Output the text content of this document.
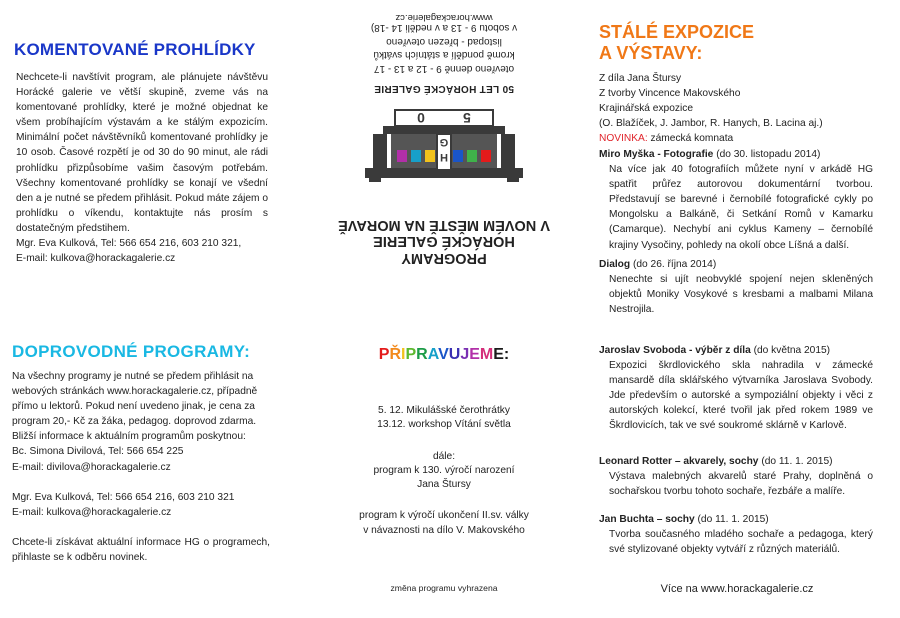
KOMENTOVANÉ PROHLÍDKY

Nechcete-li navštívit program, ale plánujete návštěvu Horácké galerie ve větší skupině, zveme vás na komentované prohlídky, které je možné objednat ke všem probíhajícím výstavám a ke stálým expozicím. Minimální počet návštěvníků komentované prohlídky je 10 osob. Časové rozpětí je od 30 do 90 minut, ale rádi prohlídku přizpůsobíme vašim časovým potřebám. Všechny komentované prohlídky se konají ve všední den a je nutné se předem přihlásit. Pokud máte zájem o prohlídku o víkendu, kontaktujte nás prosím s dostatečným předstihem.

Mgr. Eva Kulková, Tel: 566 654 216, 603 210 321,

E-mail: kulkova@horackagalerie.cz

DOPROVODNÉ PROGRAMY:

Na všechny programy je nutné se předem přihlásit na webových stránkách www.horackagalerie.cz, případně přímo u lektorů. Pokud není uvedeno jinak, je cena za program 20,- Kč za žáka, pedagog. doprovod zdarma.

Bližší informace k aktuálním programům poskytnou:

Bc. Simona Divilová, Tel: 566 654 225

E-mail: divilova@horackagalerie.cz

Mgr. Eva Kulková, Tel: 566 654 216, 603 210 321

E-mail: kulkova@horackagalerie.cz

Chcete-li získávat aktuální informace HG o programech, přihlaste se k odběru novinek.

PROGRAMY
HORÁCKÉ GALERIE
V NOVÉM MĚSTĚ NA MORAVĚ
H
G
5
0
50 LET HORÁCKÉ GALERIE
otevřeno denně 9 - 12 a 13 - 17
kromě pondělí a státních svátků
listopad - březen otevřeno
v sobotu 9 - 13 a v neděli 14 -18)
www.horackagalerie.cz
PŘIPRAVUJEME:

5. 12. Mikulášské čerothrátky

13.12. workshop Vítání světla

dále:

program k 130. výročí narození

Jana Štursy

program k výročí ukončení II.sv. války

v návaznosti na dílo V. Makovského

změna programu vyhrazena
STÁLÉ EXPOZICE
A VÝSTAVY:

Z díla Jana Štursy

Z tvorby Vincence Makovského

Krajinářská expozice

(O. Blažíček, J. Jambor, R. Hanych, B. Lacina aj.)

NOVINKA: zámecká komnata

Miro Myška - Fotografie (do 30. listopadu 2014)

Na více jak 40 fotografiích můžete nyní v arkádě HG spatřit průřez autorovou dokumentární tvorbou. Představují se barevné i černobílé fotografické cykly po Mongolsku a Balkáně, či Setkání Romů v Kamarku (Camarque). Nechybí ani cyklus Kameny – černobílé krajiny Vysočiny, pohledy na okolí obce Líšná a další.

Dialog (do 26. října 2014)

Nenechte si ujít neobvyklé spojení nejen skleněných objektů Moniky Vosykové s kresbami a malbami Milana Nestrojila.

Jaroslav Svoboda - výběr z díla (do května 2015)

Expozici škrdlovického skla nahradila v zámecké mansardě díla sklářského výtvarníka Jaroslava Svobody. Jde především o autorské a sympoziální objekty i věci z autorských kolekcí, které tvořil jak před rokem 1989 ve Škrdlovicích, tak ve své soukromé sklárně v Karlově.

Leonard Rotter – akvarely, sochy (do 11. 1. 2015)

Výstava malebných akvarelů staré Prahy, doplněná o sochařskou tvorbu tohoto sochaře, řezbáře a malíře.

Jan Buchta – sochy (do 11. 1. 2015)

Tvorba současného mladého sochaře a pedagoga, který své stylizované objekty vytváří z různých materiálů.

Více na www.horackagalerie.cz
